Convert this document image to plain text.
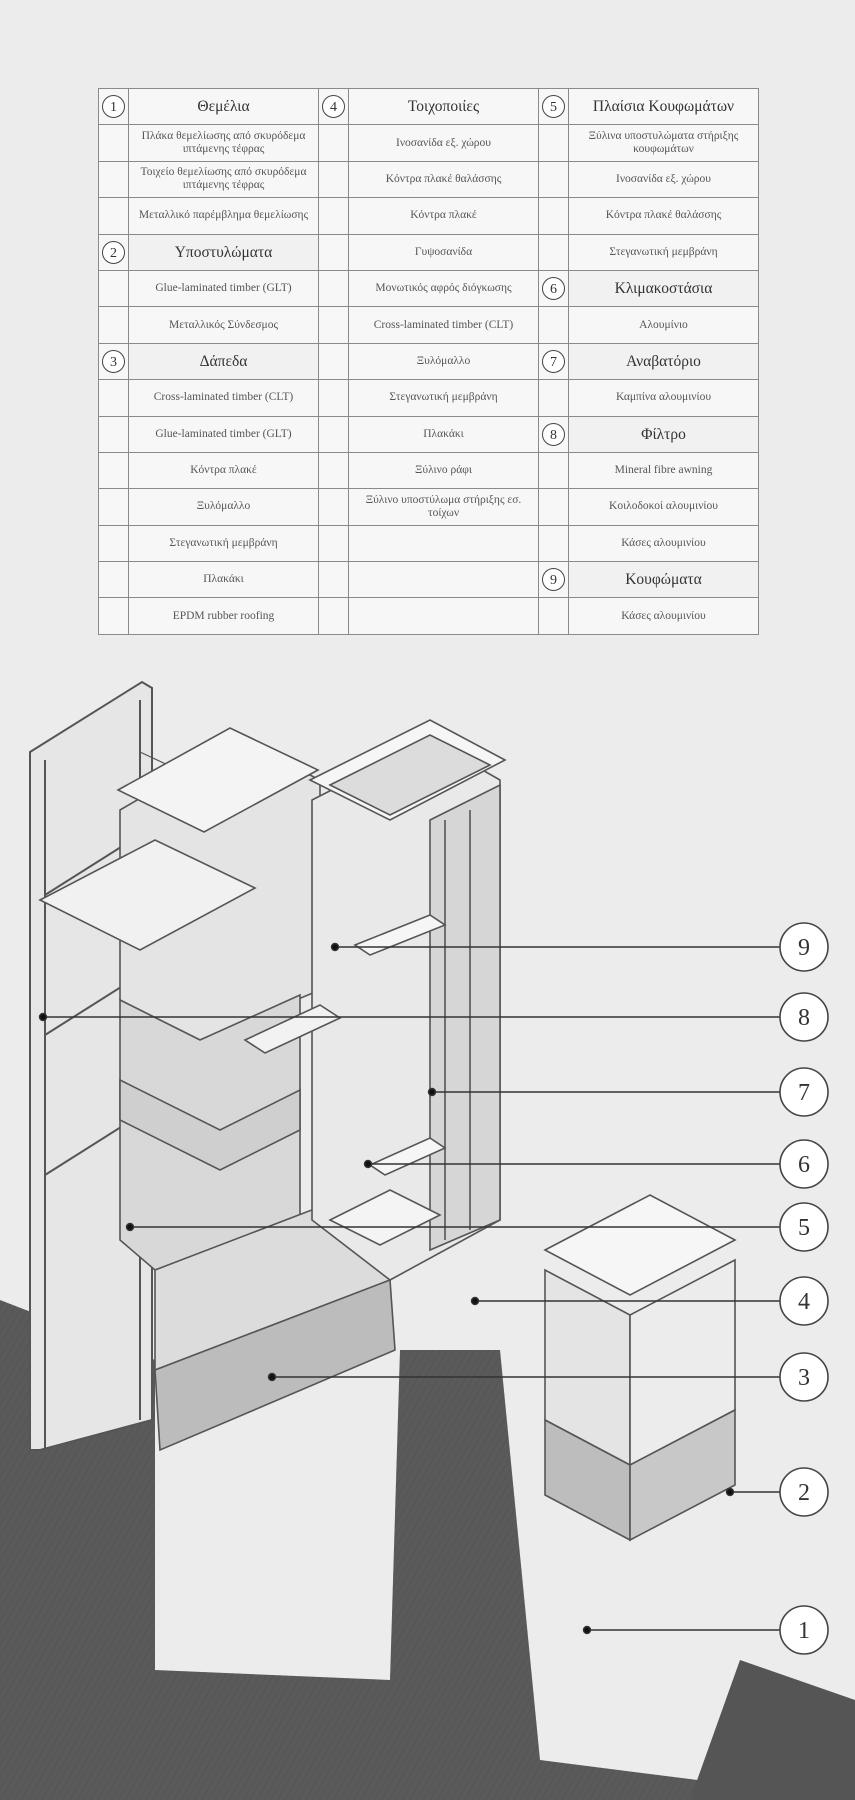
1	Θεμέλια	4	Τοιχοποιίες	5	Πλαίσια Κουφωμάτων
	Πλάκα θεμελίωσης από σκυρόδεμα ιπτάμενης τέφρας		Ινοσανίδα εξ. χώρου		Ξύλινα υποστυλώματα στήριξης κουφωμάτων
	Τοιχείο θεμελίωσης από σκυρόδεμα ιπτάμενης τέφρας		Κόντρα πλακέ θαλάσσης		Ινοσανίδα εξ. χώρου
	Μεταλλικό παρέμβλημα θεμελίωσης		Κόντρα πλακέ		Κόντρα πλακέ θαλάσσης
2	Υποστυλώματα		Γυψοσανίδα		Στεγανωτική μεμβράνη
	Glue-laminated timber (GLT)		Μονωτικός αφρός διόγκωσης	6	Κλιμακοστάσια
	Μεταλλικός Σύνδεσμος		Cross-laminated timber (CLT)		Αλουμίνιο
3	Δάπεδα		Ξυλόμαλλο	7	Αναβατόριο
	Cross-laminated timber (CLT)		Στεγανωτική μεμβράνη		Καμπίνα αλουμινίου
	Glue-laminated timber (GLT)		Πλακάκι	8	Φίλτρο
	Κόντρα πλακέ		Ξύλινο ράφι		Mineral fibre awning
	Ξυλόμαλλο		Ξύλινο υποστύλωμα στήριξης εσ. τοίχων		Κοιλοδοκοί αλουμινίου
	Στεγανωτική μεμβράνη				Κάσες αλουμινίου
	Πλακάκι			9	Κουφώματα
	EPDM rubber roofing				Κάσες αλουμινίου
9
8
7
6
5
4
3
2
1
